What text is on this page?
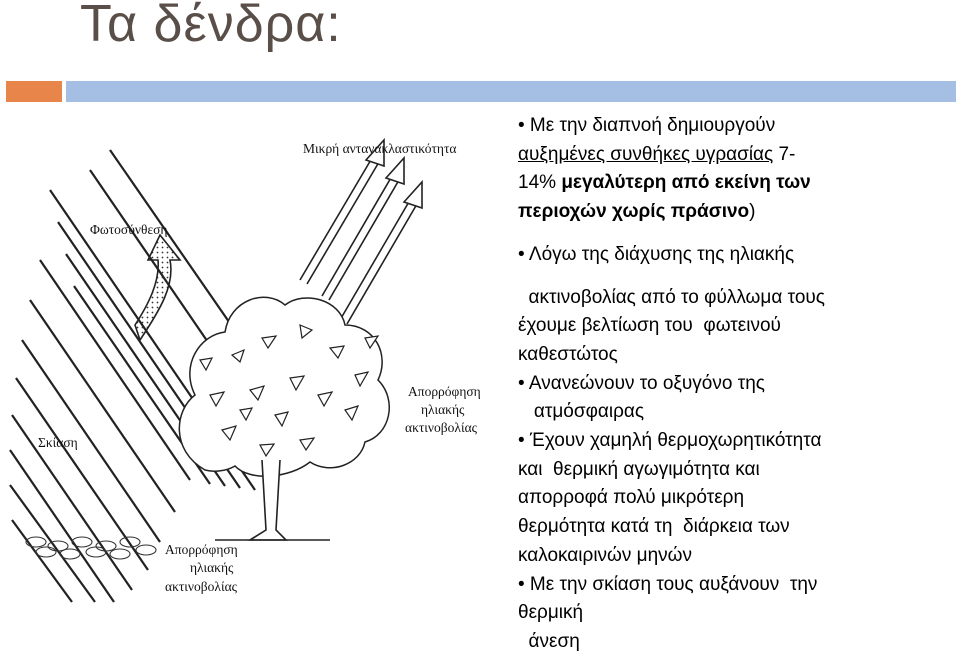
Τα δένδρα:
Μικρή αντανακλαστικότητα
Φωτοσύνθεση
Απορρόφηση
ηλιακής
ακτινοβολίας
Σκίαση
Απορρόφηση
ηλιακής
ακτινοβολίας

• Με την διαπνοή δημιουργούν

αυξημένες συνθήκες υγρασίας 7-

14% μεγαλύτερη από εκείνη των

περιοχών χωρίς πράσινο)

• Λόγω της διάχυσης της ηλιακής

ακτινοβολίας από το φύλλωμα τους

έχουμε βελτίωση του  φωτεινού

καθεστώτος

• Ανανεώνουν το οξυγόνο της

ατμόσφαιρας

• Έχουν χαμηλή θερμοχωρητικότητα

και  θερμική αγωγιμότητα και

απορροφά πολύ μικρότερη

θερμότητα κατά τη  διάρκεια των

καλοκαιρινών μηνών

• Με την σκίαση τους αυξάνουν  την

θερμική

άνεση
